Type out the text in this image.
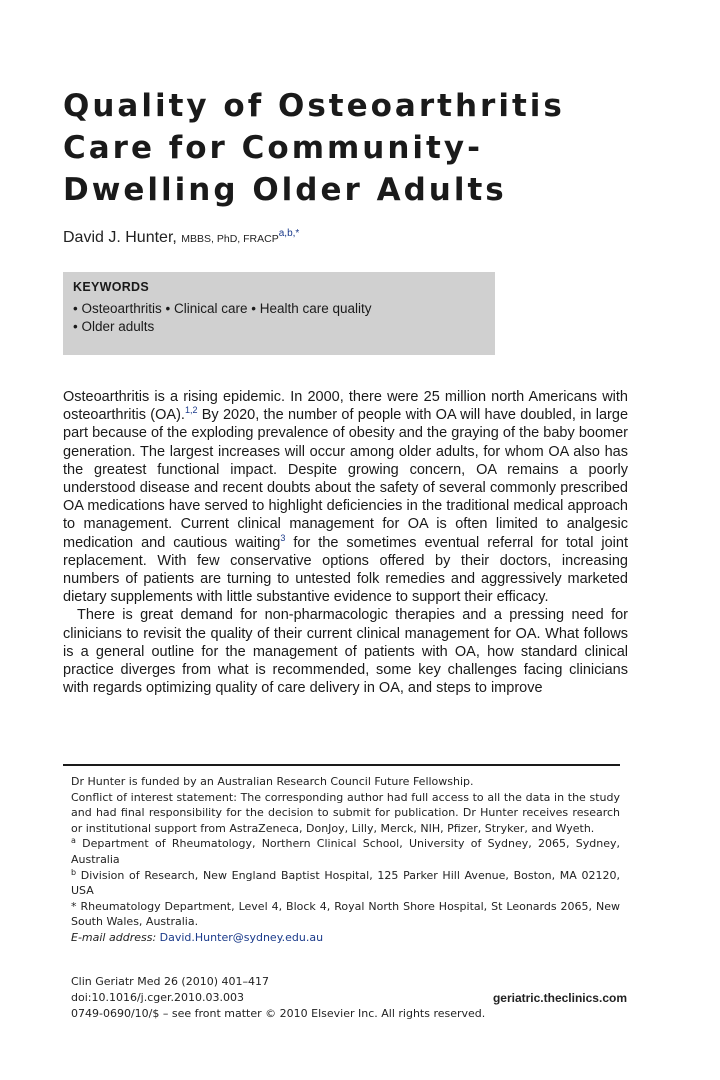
Quality of Osteoarthritis
Care for Community-
Dwelling Older Adults
David J. Hunter, MBBS, PhD, $FRACP^{a,b,*}$
KEYWORDS
• Osteoarthritis • Clinical care • Health care quality
• Older adults

Osteoarthritis is a rising epidemic. In 2000, there were 25 million north Americans with osteoarthritis (OA).$^{1,2}$ By 2020, the number of people with OA will have doubled, in large part because of the exploding prevalence of obesity and the graying of the baby boomer generation. The largest increases will occur among older adults, for whom OA also has the greatest functional impact. Despite growing concern, OA remains a poorly understood disease and recent doubts about the safety of several commonly prescribed OA medications have served to highlight deficiencies in the traditional medical approach to management. Current clinical management for OA is often limited to analgesic medication and cautious waiting$^3$ for the sometimes eventual referral for total joint replacement. With few conservative options offered by their doctors, increasing numbers of patients are turning to untested folk remedies and aggressively marketed dietary supplements with little substantive evidence to support their efficacy.

There is great demand for non-pharmacologic therapies and a pressing need for clinicians to revisit the quality of their current clinical management for OA. What follows is a general outline for the management of patients with OA, how standard clinical practice diverges from what is recommended, some key challenges facing clinicians with regards optimizing quality of care delivery in OA, and steps to improve

Dr Hunter is funded by an Australian Research Council Future Fellowship.

Conflict of interest statement: The corresponding author had full access to all the data in the study and had final responsibility for the decision to submit for publication. Dr Hunter receives research or institutional support from AstraZeneca, DonJoy, Lilly, Merck, NIH, Pfizer, Stryker, and Wyeth.

$^a$ Department of Rheumatology, Northern Clinical School, University of Sydney, 2065, Sydney, Australia

$^b$ Division of Research, New England Baptist Hospital, 125 Parker Hill Avenue, Boston, MA 02120, USA

* Rheumatology Department, Level 4, Block 4, Royal North Shore Hospital, St Leonards 2065, New South Wales, Australia.

E-mail address: David.Hunter@sydney.edu.au

Clin Geriatr Med 26 (2010) 401–417
doi:10.1016/j.cger.2010.03.003	geriatric.theclinics.com
0749-0690/10/$ – see front matter © 2010 Elsevier Inc. All rights reserved.
